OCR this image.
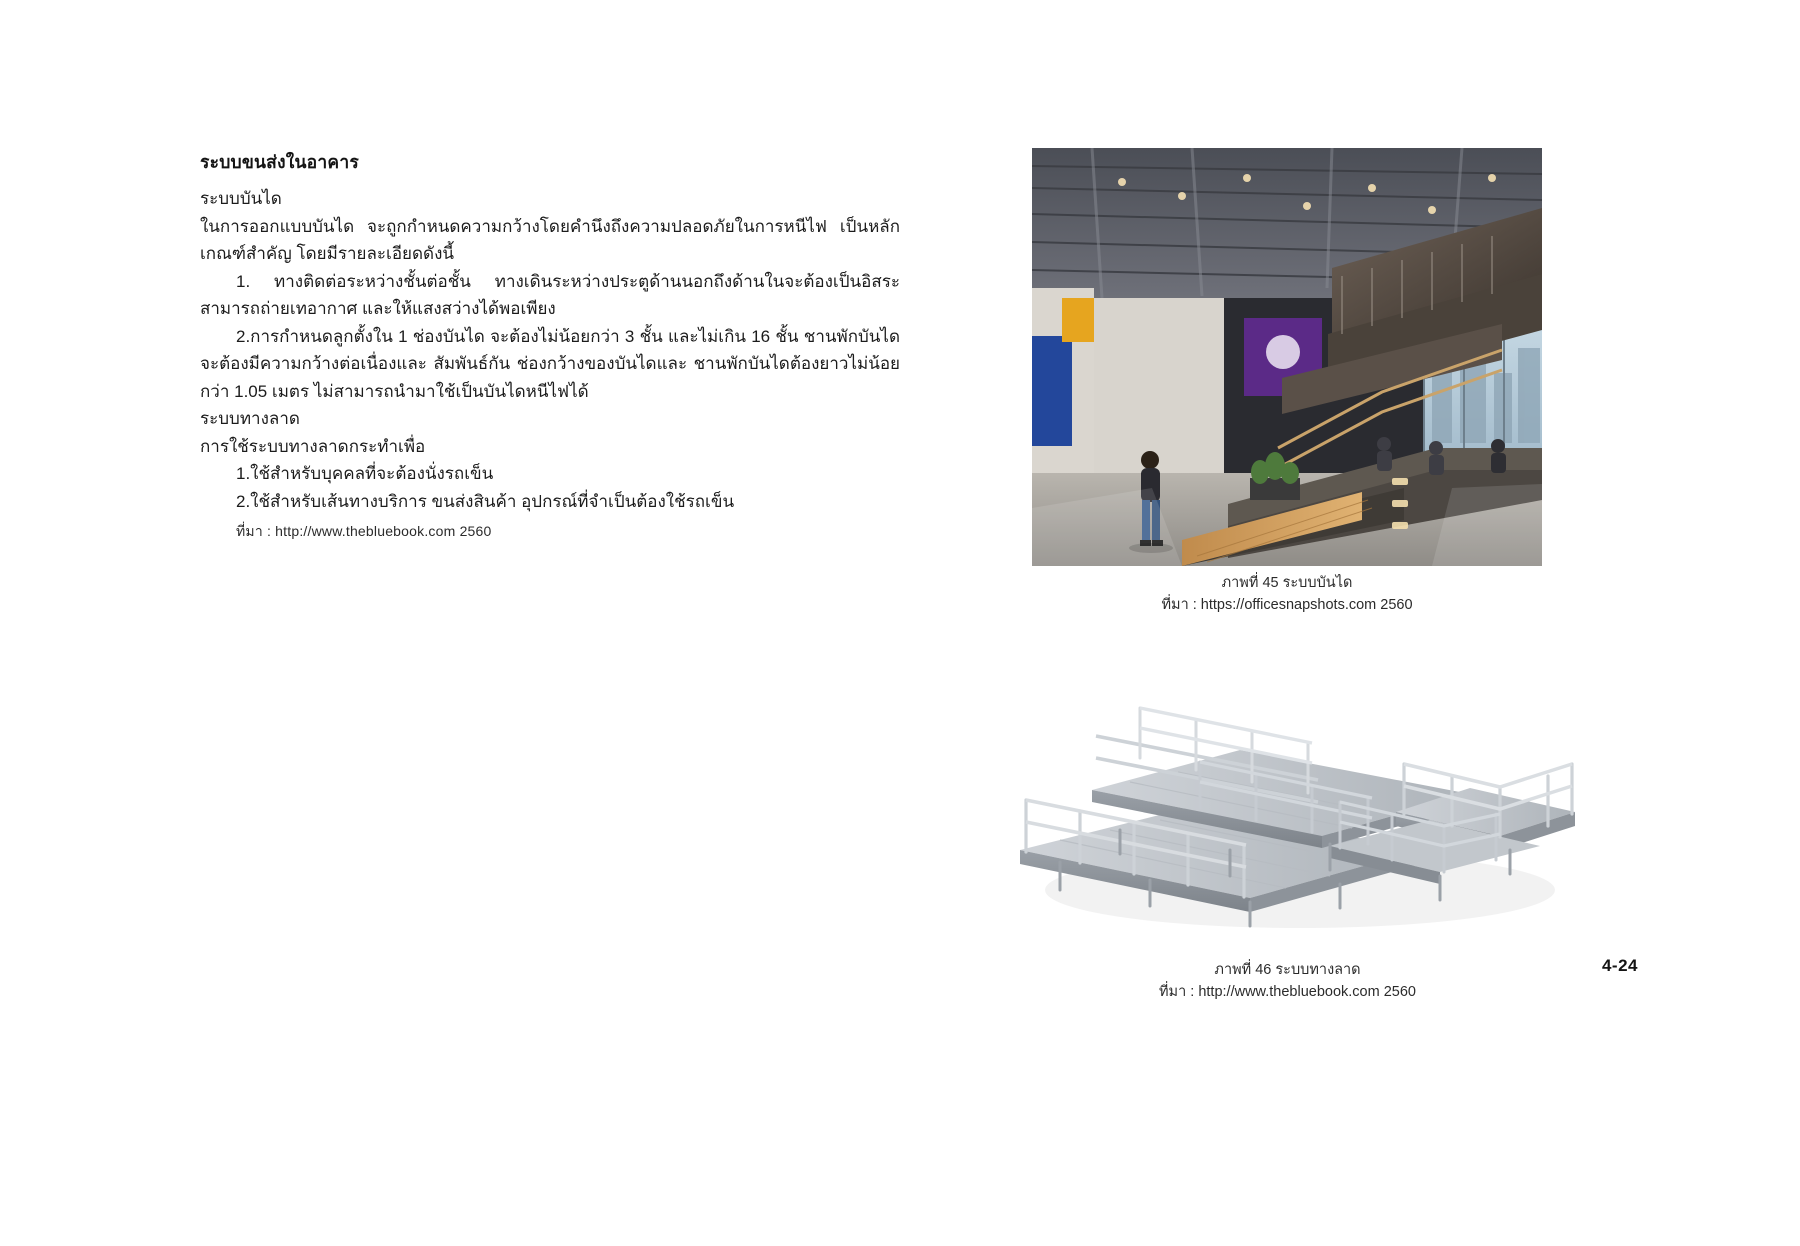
ระบบขนส่งในอาคาร

ระบบบันได

ในการออกแบบบันได จะถูกกำหนดความกว้างโดยคำนึงถึงความปลอดภัยในการหนีไฟ เป็นหลักเกณฑ์สำคัญ โดยมีรายละเอียดดังนี้

1. ทางติดต่อระหว่างชั้นต่อชั้น ทางเดินระหว่างประตูด้านนอกถึงด้านในจะต้องเป็นอิสระ สามารถถ่ายเทอากาศ และให้แสงสว่างได้พอเพียง

2.การกำหนดลูกตั้งใน 1 ช่องบันได จะต้องไม่น้อยกว่า 3 ชั้น และไม่เกิน 16 ชั้น ชานพักบันไดจะต้องมีความกว้างต่อเนื่องและ สัมพันธ์กัน ช่องกว้างของบันไดและ ชานพักบันไดต้องยาวไม่น้อยกว่า 1.05 เมตร ไม่สามารถนำมาใช้เป็นบันไดหนีไฟได้

ระบบทางลาด

การใช้ระบบทางลาดกระทำเพื่อ

1.ใช้สำหรับบุคคลที่จะต้องนั่งรถเข็น

2.ใช้สำหรับเส้นทางบริการ ขนส่งสินค้า อุปกรณ์ที่จำเป็นต้องใช้รถเข็น

ที่มา : http://www.thebluebook.com 2560

ภาพที่ 45 ระบบบันได
ที่มา : https://officesnapshots.com 2560
ภาพที่ 46 ระบบทางลาด
ที่มา : http://www.thebluebook.com 2560
4-24
